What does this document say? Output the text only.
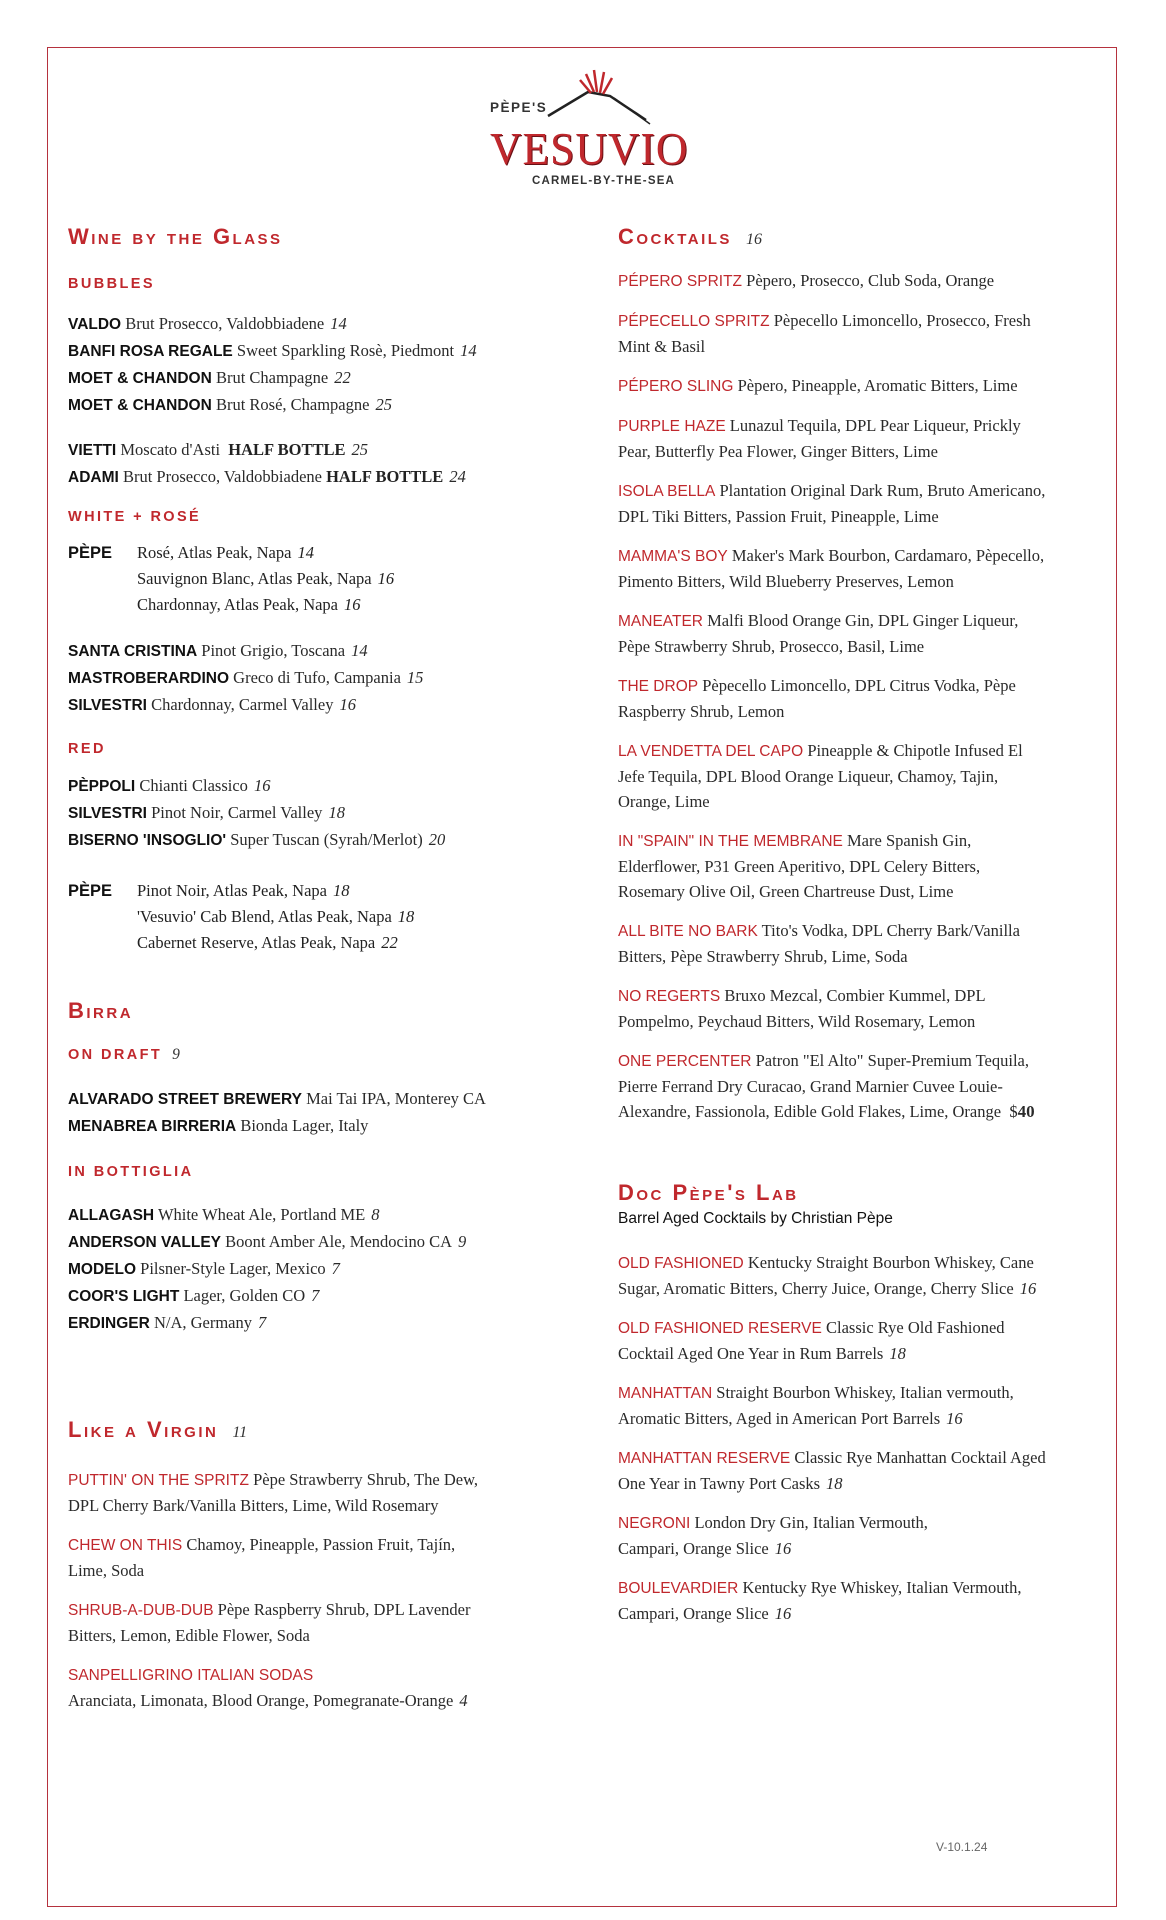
PÈPE'S
VESUVIO
CARMEL-BY-THE-SEA
Wine by the Glass
BUBBLES
VALDO Brut Prosecco, Valdobbiadene 14
BANFI ROSA REGALE Sweet Sparkling Rosè, Piedmont 14
MOET & CHANDON Brut Champagne 22
MOET & CHANDON Brut Rosé, Champagne 25
VIETTI Moscato d'Asti HALF BOTTLE 25
ADAMI Brut Prosecco, Valdobbiadene HALF BOTTLE 24
WHITE + ROSÉ
PÈPE	Rosé, Atlas Peak, Napa 14
Sauvignon Blanc, Atlas Peak, Napa 16
Chardonnay, Atlas Peak, Napa 16
SANTA CRISTINA Pinot Grigio, Toscana 14
MASTROBERARDINO Greco di Tufo, Campania 15
SILVESTRI Chardonnay, Carmel Valley 16
RED
PÈPPOLI Chianti Classico 16
SILVESTRI Pinot Noir, Carmel Valley 18
BISERNO 'INSOGLIO' Super Tuscan (Syrah/Merlot) 20
PÈPE	Pinot Noir, Atlas Peak, Napa 18
'Vesuvio' Cab Blend, Atlas Peak, Napa 18
Cabernet Reserve, Atlas Peak, Napa 22
Birra
ON DRAFT 9
ALVARADO STREET BREWERY Mai Tai IPA, Monterey CA
MENABREA BIRRERIA Bionda Lager, Italy
IN BOTTIGLIA
ALLAGASH White Wheat Ale, Portland ME 8
ANDERSON VALLEY Boont Amber Ale, Mendocino CA 9
MODELO Pilsner-Style Lager, Mexico 7
COOR'S LIGHT Lager, Golden CO 7
ERDINGER N/A, Germany 7
Like a Virgin 11
PUTTIN' ON THE SPRITZ Pèpe Strawberry Shrub, The Dew,
DPL Cherry Bark/Vanilla Bitters, Lime, Wild Rosemary
CHEW ON THIS Chamoy, Pineapple, Passion Fruit, Tajín,
Lime, Soda
SHRUB-A-DUB-DUB Pèpe Raspberry Shrub, DPL Lavender
Bitters, Lemon, Edible Flower, Soda
SANPELLIGRINO ITALIAN SODAS
Aranciata, Limonata, Blood Orange, Pomegranate-Orange 4
Cocktails 16
PÉPERO SPRITZ Pèpero, Prosecco, Club Soda, Orange
PÉPECELLO SPRITZ Pèpecello Limoncello, Prosecco, Fresh
Mint & Basil
PÉPERO SLING Pèpero, Pineapple, Aromatic Bitters, Lime
PURPLE HAZE Lunazul Tequila, DPL Pear Liqueur, Prickly
Pear, Butterfly Pea Flower, Ginger Bitters, Lime
ISOLA BELLA Plantation Original Dark Rum, Bruto Americano,
DPL Tiki Bitters, Passion Fruit, Pineapple, Lime
MAMMA'S BOY Maker's Mark Bourbon, Cardamaro, Pèpecello,
Pimento Bitters, Wild Blueberry Preserves, Lemon
MANEATER Malfi Blood Orange Gin, DPL Ginger Liqueur,
Pèpe Strawberry Shrub, Prosecco, Basil, Lime
THE DROP Pèpecello Limoncello, DPL Citrus Vodka, Pèpe
Raspberry Shrub, Lemon
LA VENDETTA DEL CAPO Pineapple & Chipotle Infused El
Jefe Tequila, DPL Blood Orange Liqueur, Chamoy, Tajin,
Orange, Lime
IN "SPAIN" IN THE MEMBRANE Mare Spanish Gin,
Elderflower, P31 Green Aperitivo, DPL Celery Bitters,
Rosemary Olive Oil, Green Chartreuse Dust, Lime
ALL BITE NO BARK Tito's Vodka, DPL Cherry Bark/Vanilla
Bitters, Pèpe Strawberry Shrub, Lime, Soda
NO REGERTS Bruxo Mezcal, Combier Kummel, DPL
Pompelmo, Peychaud Bitters, Wild Rosemary, Lemon
ONE PERCENTER Patron "El Alto" Super-Premium Tequila,
Pierre Ferrand Dry Curacao, Grand Marnier Cuvee Louie-
Alexandre, Fassionola, Edible Gold Flakes, Lime, Orange $40
Doc Pèpe's Lab
Barrel Aged Cocktails by Christian Pèpe
OLD FASHIONED Kentucky Straight Bourbon Whiskey, Cane
Sugar, Aromatic Bitters, Cherry Juice, Orange, Cherry Slice 16
OLD FASHIONED RESERVE Classic Rye Old Fashioned
Cocktail Aged One Year in Rum Barrels 18
MANHATTAN Straight Bourbon Whiskey, Italian vermouth,
Aromatic Bitters, Aged in American Port Barrels 16
MANHATTAN RESERVE Classic Rye Manhattan Cocktail Aged
One Year in Tawny Port Casks 18
NEGRONI London Dry Gin, Italian Vermouth,
Campari, Orange Slice 16
BOULEVARDIER Kentucky Rye Whiskey, Italian Vermouth,
Campari, Orange Slice 16
V-10.1.24
